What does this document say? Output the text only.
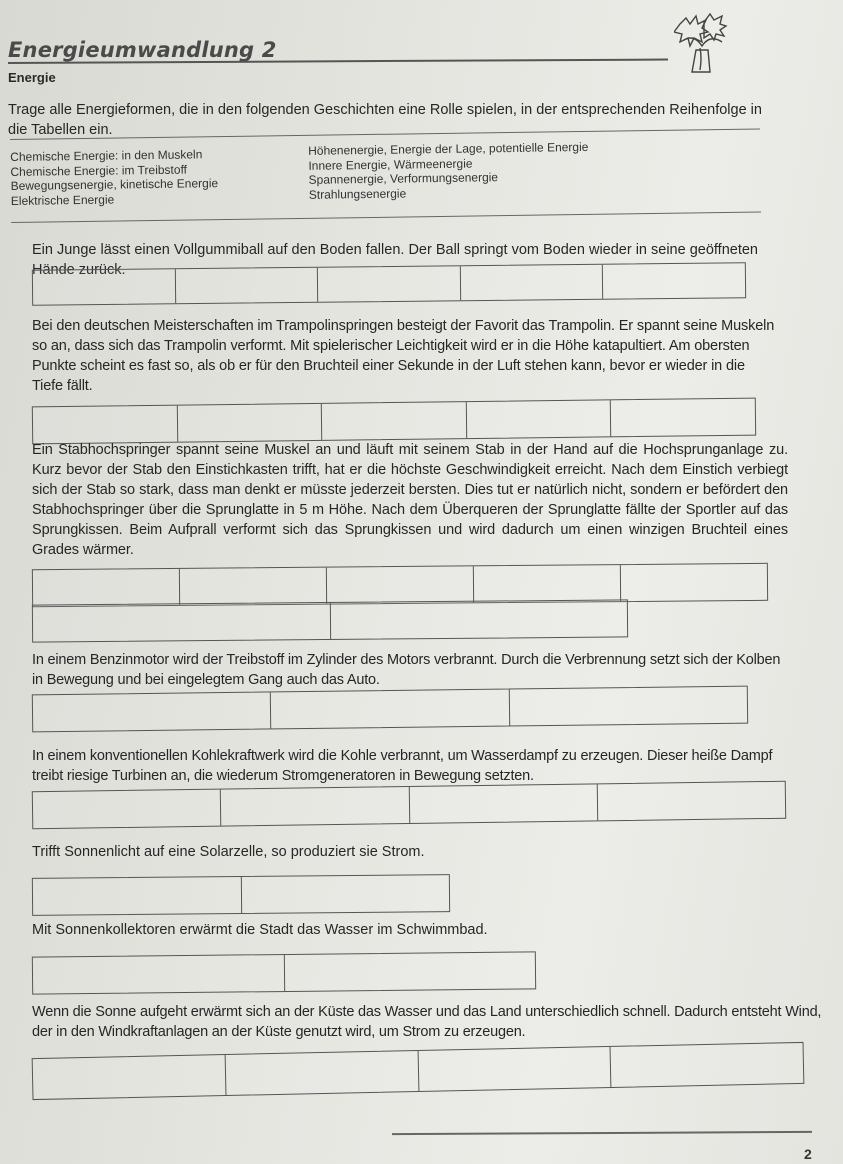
Energieumwandlung 2
Energie
Trage alle Energieformen, die in den folgenden Geschichten eine Rolle spielen, in der entsprechenden Reihenfolge in die Tabellen ein.
Chemische Energie: in den Muskeln
Chemische Energie: im Treibstoff
Bewegungsenergie, kinetische Energie
Elektrische Energie
Höhenenergie, Energie der Lage, potentielle Energie
Innere Energie, Wärmeenergie
Spannenergie, Verformungsenergie
Strahlungsenergie
Ein Junge lässt einen Vollgummiball auf den Boden fallen. Der Ball springt vom Boden wieder in seine geöffneten Hände zurück.
Bei den deutschen Meisterschaften im Trampolinspringen besteigt der Favorit das Trampolin. Er spannt seine Muskeln so an, dass sich das Trampolin verformt. Mit spielerischer Leichtigkeit wird er in die Höhe katapultiert. Am obersten Punkte scheint es fast so, als ob er für den Bruchteil einer Sekunde in der Luft stehen kann, bevor er wieder in die Tiefe fällt.
Ein Stabhochspringer spannt seine Muskel an und läuft mit seinem Stab in der Hand auf die Hochsprunganlage zu. Kurz bevor der Stab den Einstichkasten trifft, hat er die höchste Geschwindigkeit erreicht. Nach dem Einstich verbiegt sich der Stab so stark, dass man denkt er müsste jederzeit bersten. Dies tut er natürlich nicht, sondern er befördert den Stabhochspringer über die Sprunglatte in 5 m Höhe. Nach dem Überqueren der Sprunglatte fällte der Sportler auf das Sprungkissen. Beim Aufprall verformt sich das Sprungkissen und wird dadurch um einen winzigen Bruchteil eines Grades wärmer.
In einem Benzinmotor wird der Treibstoff im Zylinder des Motors verbrannt. Durch die Verbrennung setzt sich der Kolben in Bewegung und bei eingelegtem Gang auch das Auto.
In einem konventionellen Kohlekraftwerk wird die Kohle verbrannt, um Wasserdampf zu erzeugen. Dieser heiße Dampf treibt riesige Turbinen an, die wiederum Stromgeneratoren in Bewegung setzten.
Trifft Sonnenlicht auf eine Solarzelle, so produziert sie Strom.
Mit Sonnenkollektoren erwärmt die Stadt das Wasser im Schwimmbad.
Wenn die Sonne aufgeht erwärmt sich an der Küste das Wasser und das Land unterschiedlich schnell. Dadurch entsteht Wind, der in den Windkraftanlagen an der Küste genutzt wird, um Strom zu erzeugen.
2
